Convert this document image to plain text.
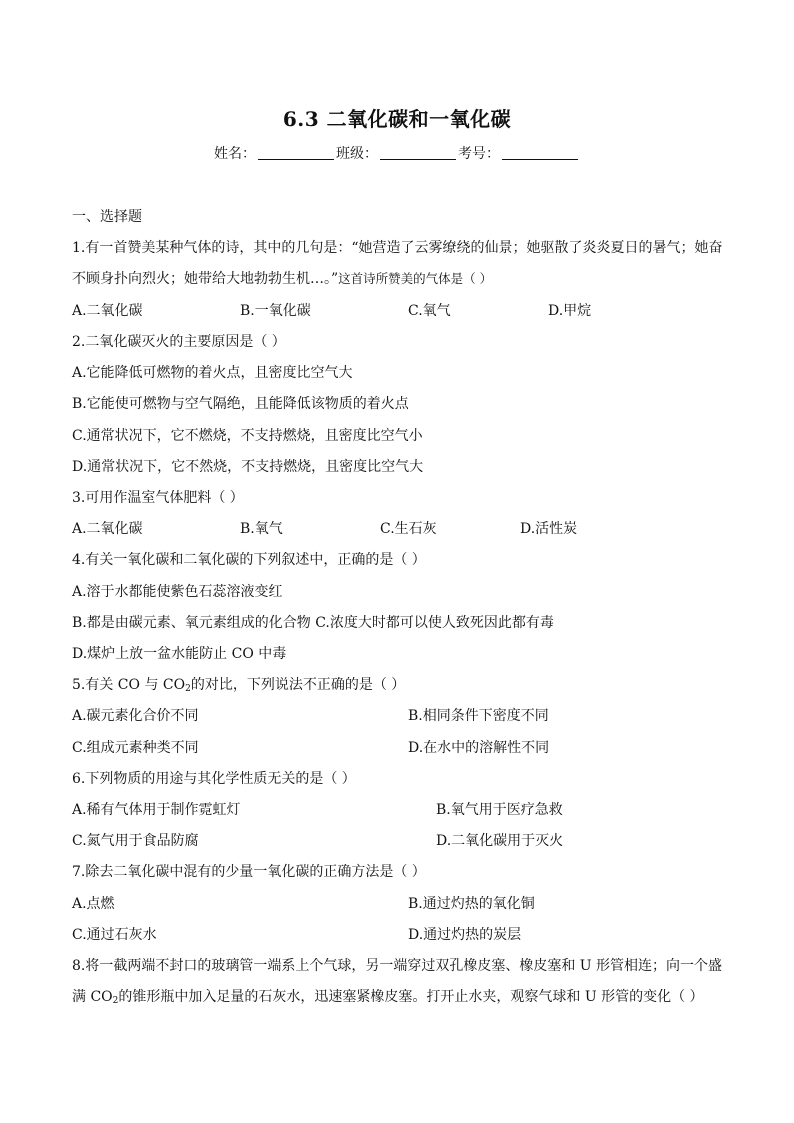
6.3 二氧化碳和一氧化碳
姓名：	班级：	考号：
一、选择题
1.有一首赞美某种气体的诗，其中的几句是：“她营造了云雾缭绕的仙景；她驱散了炎炎夏日的暑气；她奋
不顾身扑向烈火；她带给大地勃勃生机…。”这首诗所赞美的气体是（ ）
A.二氧化碳	B.一氧化碳	C.氧气	D.甲烷
2.二氧化碳灭火的主要原因是（ ）
A.它能降低可燃物的着火点，且密度比空气大
B.它能使可燃物与空气隔绝，且能降低该物质的着火点
C.通常状况下，它不燃烧，不支持燃烧，且密度比空气小
D.通常状况下，它不然烧，不支持燃烧，且密度比空气大
3.可用作温室气体肥料（ ）
A.二氧化碳	B.氧气	C.生石灰	D.活性炭
4.有关一氧化碳和二氧化碳的下列叙述中，正确的是（ ）
A.溶于水都能使紫色石蕊溶液变红
B.都是由碳元素、氧元素组成的化合物 C.浓度大时都可以使人致死因此都有毒
D.煤炉上放一盆水能防止 CO 中毒
5.有关 CO 与 $CO_2$的对比，下列说法不正确的是（ ）
A.碳元素化合价不同	B.相同条件下密度不同
C.组成元素种类不同	D.在水中的溶解性不同
6.下列物质的用途与其化学性质无关的是（ ）
A.稀有气体用于制作霓虹灯	B.氧气用于医疗急救
C.氮气用于食品防腐	D.二氧化碳用于灭火
7.除去二氧化碳中混有的少量一氧化碳的正确方法是（ ）
A.点燃	B.通过灼热的氧化铜
C.通过石灰水	D.通过灼热的炭层
8.将一截两端不封口的玻璃管一端系上个气球，另一端穿过双孔橡皮塞、橡皮塞和 U 形管相连；向一个盛
满 $CO_2$的锥形瓶中加入足量的石灰水，迅速塞紧橡皮塞。打开止水夹，观察气球和 U 形管的变化（ ）
